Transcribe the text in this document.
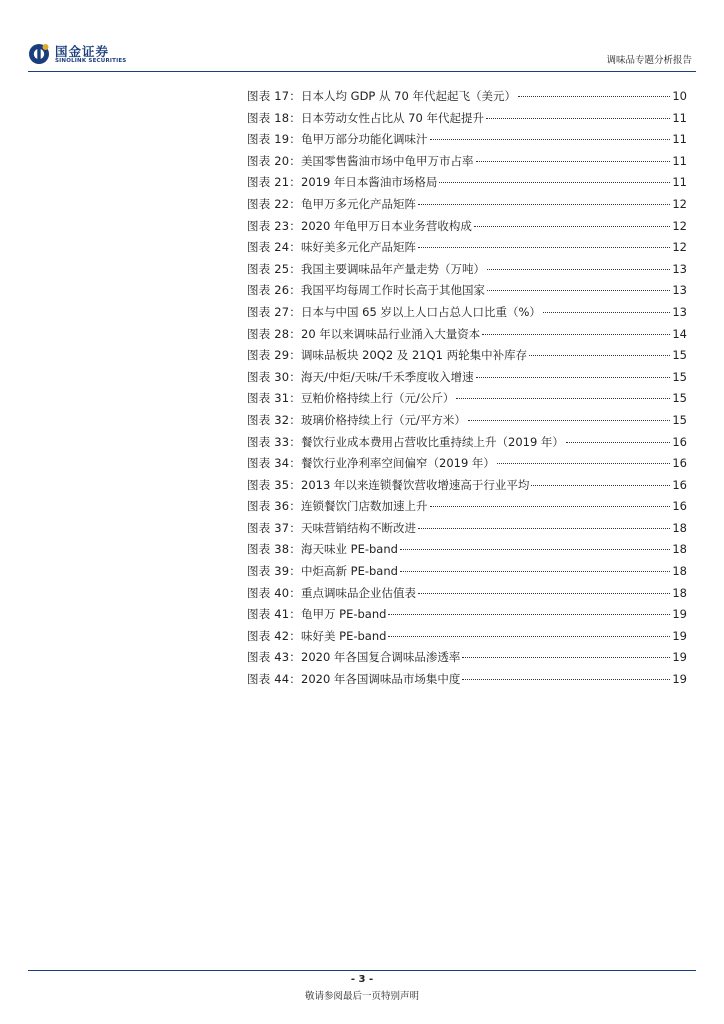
国金证券
SINOLINK SECURITIES	调味品专题分析报告
图表 17： 日本人均 GDP 从 70 年代起起飞（美元）	10
图表 18： 日本劳动女性占比从 70 年代起提升	11
图表 19： 龟甲万部分功能化调味汁	11
图表 20： 美国零售酱油市场中龟甲万市占率	11
图表 21： 2019 年日本酱油市场格局	11
图表 22： 龟甲万多元化产品矩阵	12
图表 23： 2020 年龟甲万日本业务营收构成	12
图表 24： 味好美多元化产品矩阵	12
图表 25： 我国主要调味品年产量走势（万吨）	13
图表 26： 我国平均每周工作时长高于其他国家	13
图表 27： 日本与中国 65 岁以上人口占总人口比重（%）	13
图表 28： 20 年以来调味品行业涌入大量资本	14
图表 29： 调味品板块 20Q2 及 21Q1 两轮集中补库存	15
图表 30： 海天/中炬/天味/千禾季度收入增速	15
图表 31： 豆粕价格持续上行（元/公斤）	15
图表 32： 玻璃价格持续上行（元/平方米）	15
图表 33： 餐饮行业成本费用占营收比重持续上升（2019 年）	16
图表 34： 餐饮行业净利率空间偏窄（2019 年）	16
图表 35： 2013 年以来连锁餐饮营收增速高于行业平均	16
图表 36： 连锁餐饮门店数加速上升	16
图表 37： 天味营销结构不断改进	18
图表 38： 海天味业 PE-band	18
图表 39： 中炬高新 PE-band	18
图表 40： 重点调味品企业估值表	18
图表 41： 龟甲万 PE-band	19
图表 42： 味好美 PE-band	19
图表 43： 2020 年各国复合调味品渗透率	19
图表 44： 2020 年各国调味品市场集中度	19
- 3 -
敬请参阅最后一页特别声明
